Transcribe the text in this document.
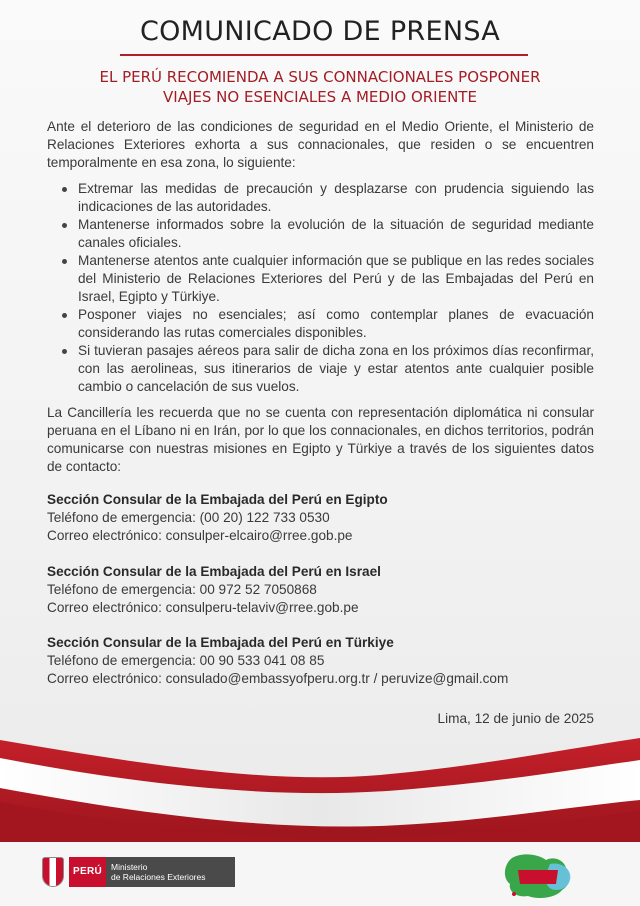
COMUNICADO DE PRENSA
EL PERÚ RECOMIENDA A SUS CONNACIONALES POSPONER
VIAJES NO ESENCIALES A MEDIO ORIENTE

Ante el deterioro de las condiciones de seguridad en el Medio Oriente, el Ministerio de Relaciones Exteriores exhorta a sus connacionales, que residen o se encuentren temporalmente en esa zona, lo siguiente:

Extremar las medidas de precaución y desplazarse con prudencia siguiendo las indicaciones de las autoridades.
Mantenerse informados sobre la evolución de la situación de seguridad mediante canales oficiales.
Mantenerse atentos ante cualquier información que se publique en las redes sociales del Ministerio de Relaciones Exteriores del Perú y de las Embajadas del Perú en Israel, Egipto y Türkiye.
Posponer viajes no esenciales; así como contemplar planes de evacuación considerando las rutas comerciales disponibles.
Si tuvieran pasajes aéreos para salir de dicha zona en los próximos días reconfirmar, con las aerolineas, sus itinerarios de viaje y estar atentos ante cualquier posible cambio o cancelación de sus vuelos.

La Cancillería les recuerda que no se cuenta con representación diplomática ni consular peruana en el Líbano ni en Irán, por lo que los connacionales, en dichos territorios, podrán comunicarse con nuestras misiones en Egipto y Türkiye a través de los siguientes datos de contacto:

Sección Consular de la Embajada del Perú en Egipto
Teléfono de emergencia: (00 20) 122 733 0530
Correo electrónico: consulper-elcairo@rree.gob.pe
Sección Consular de la Embajada del Perú en Israel
Teléfono de emergencia: 00 972 52 7050868
Correo electrónico: consulperu-telaviv@rree.gob.pe
Sección Consular de la Embajada del Perú en Türkiye
Teléfono de emergencia: 00 90 533 041 08 85
Correo electrónico: consulado@embassyofperu.org.tr / peruvize@gmail.com
Lima, 12 de junio de 2025
PERÚ	Ministerio
de Relaciones Exteriores
